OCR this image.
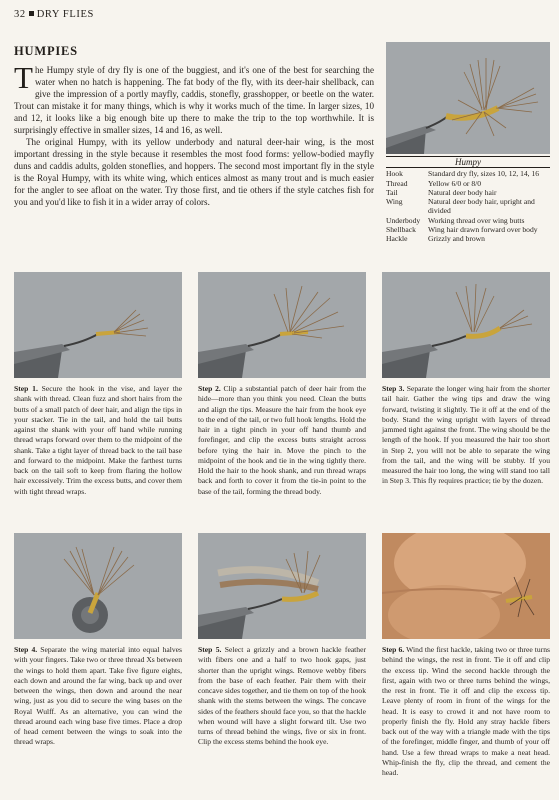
32 DRY FLIES
HUMPIES

The Humpy style of dry fly is one of the buggiest, and it's one of the best for searching the water when no hatch is happening. The fat body of the fly, with its deer-hair shellback, can give the impression of a portly mayfly, caddis, stonefly, grasshopper, or beetle on the water. Trout can mistake it for many things, which is why it works much of the time. In larger sizes, 10 and 12, it looks like a big enough bite up there to make the trip to the top worthwhile. It is surprisingly effective in smaller sizes, 14 and 16, as well.

The original Humpy, with its yellow underbody and natural deer-hair wing, is the most important dressing in the style because it resembles the most food forms: yellow-bodied mayfly duns and caddis adults, golden stoneflies, and hoppers. The second most important fly in the style is the Royal Humpy, with its white wing, which entices almost as many trout and is much easier for the angler to see afloat on the water. Try those first, and tie others if the style catches fish for you and you'd like to fish it in a wider array of colors.

Humpy
Hook	Standard dry fly, sizes 10, 12, 14, 16
Thread	Yellow 6/0 or 8/0
Tail	Natural deer body hair
Wing	Natural deer body hair, upright and divided
Underbody	Working thread over wing butts
Shellback	Wing hair drawn forward over body
Hackle	Grizzly and brown
Step 1. Secure the hook in the vise, and layer the shank with thread. Clean fuzz and short hairs from the butts of a small patch of deer hair, and align the tips in your stacker. Tie in the tail, and hold the tail butts against the shank with your off hand while running thread wraps forward over them to the midpoint of the shank. Take a tight layer of thread back to the tail base and forward to the midpoint. Make the farthest turns back on the tail soft to keep from flaring the hollow hair excessively. Trim the excess butts, and cover them with tight thread wraps.
Step 2. Clip a substantial patch of deer hair from the hide—more than you think you need. Clean the butts and align the tips. Measure the hair from the hook eye to the end of the tail, or two full hook lengths. Hold the hair in a tight pinch in your off hand thumb and forefinger, and clip the excess butts straight across before tying the hair in. Move the pinch to the midpoint of the hook and tie in the wing tightly there. Hold the hair to the hook shank, and run thread wraps back and forth to cover it from the tie-in point to the base of the tail, forming the thread body.
Step 3. Separate the longer wing hair from the shorter tail hair. Gather the wing tips and draw the wing forward, twisting it slightly. Tie it off at the end of the body. Stand the wing upright with layers of thread jammed tight against the front. The wing should be the length of the hook. If you measured the hair too short in Step 2, you will not be able to separate the wing from the tail, and the wing will be stubby. If you measured the hair too long, the wing will stand too tall in Step 3. This fly requires practice; tie by the dozen.
Step 4. Separate the wing material into equal halves with your fingers. Take two or three thread Xs between the wings to hold them apart. Take five figure eights, each down and around the far wing, back up and over between the wings, then down and around the near wing, just as you did to secure the wing bases on the Royal Wulff. As an alternative, you can wind the thread around each wing base five times. Place a drop of head cement between the wings to soak into the thread wraps.
Step 5. Select a grizzly and a brown hackle feather with fibers one and a half to two hook gaps, just shorter than the upright wings. Remove webby fibers from the base of each feather. Pair them with their concave sides together, and tie them on top of the hook shank with the stems between the wings. The concave sides of the feathers should face you, so that the hackle when wound will have a slight forward tilt. Use two turns of thread behind the wings, five or six in front. Clip the excess stems behind the hook eye.
Step 6. Wind the first hackle, taking two or three turns behind the wings, the rest in front. Tie it off and clip the excess tip. Wind the second hackle through the first, again with two or three turns behind the wings, the rest in front. Tie it off and clip the excess tip. Leave plenty of room in front of the wings for the head. It is easy to crowd it and not have room to properly finish the fly. Hold any stray hackle fibers back out of the way with a triangle made with the tips of the forefinger, middle finger, and thumb of your off hand. Use a few thread wraps to make a neat head. Whip-finish the fly, clip the thread, and cement the head.
